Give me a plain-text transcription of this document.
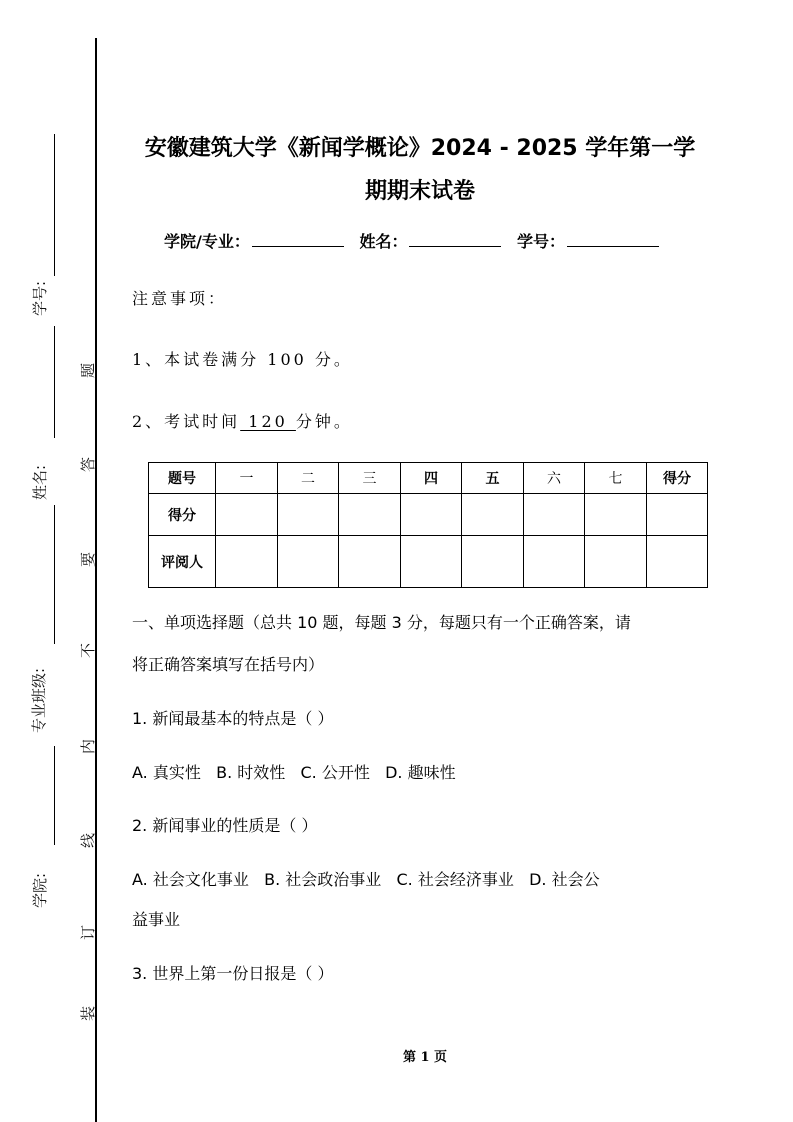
学号:
姓名:
专业班级:
学院:
题
答
要
不
内
线
订
装
安徽建筑大学《新闻学概论》2024 - 2025 学年第一学
期期末试卷
学院/专业：	姓名：	学号：
注意事项：
1、本试卷满分 100 分。
2、考试时间 120 分钟。
题号	一	二	三	四	五	六	七	得分
得分								
评阅人								
一、单项选择题（总共 10 题，每题 3 分，每题只有一个正确答案，请
将正确答案填写在括号内）
1. 新闻最基本的特点是（ ）
A. 真实性   B. 时效性   C. 公开性   D. 趣味性
2. 新闻事业的性质是（ ）
A. 社会文化事业   B. 社会政治事业   C. 社会经济事业   D. 社会公
益事业
3. 世界上第一份日报是（ ）
第 1 页
